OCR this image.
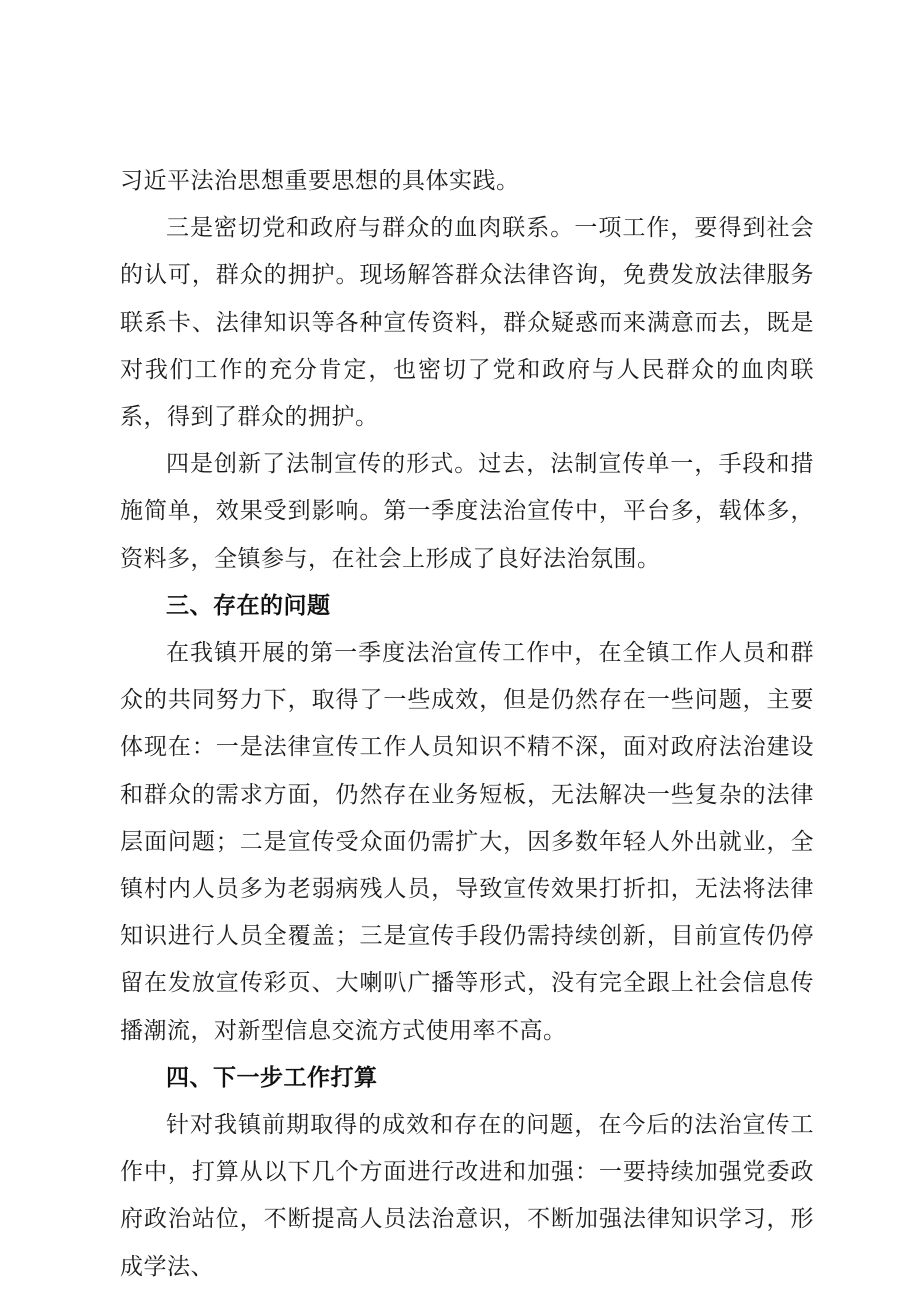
习近平法治思想重要思想的具体实践。

三是密切党和政府与群众的血肉联系。一项工作，要得到社会的认可，群众的拥护。现场解答群众法律咨询，免费发放法律服务联系卡、法律知识等各种宣传资料，群众疑惑而来满意而去，既是对我们工作的充分肯定，也密切了党和政府与人民群众的血肉联系，得到了群众的拥护。

四是创新了法制宣传的形式。过去，法制宣传单一，手段和措施简单，效果受到影响。第一季度法治宣传中，平台多，载体多，资料多，全镇参与，在社会上形成了良好法治氛围。

三、存在的问题

在我镇开展的第一季度法治宣传工作中，在全镇工作人员和群众的共同努力下，取得了一些成效，但是仍然存在一些问题，主要体现在：一是法律宣传工作人员知识不精不深，面对政府法治建设和群众的需求方面，仍然存在业务短板，无法解决一些复杂的法律层面问题；二是宣传受众面仍需扩大，因多数年轻人外出就业，全镇村内人员多为老弱病残人员，导致宣传效果打折扣，无法将法律知识进行人员全覆盖；三是宣传手段仍需持续创新，目前宣传仍停留在发放宣传彩页、大喇叭广播等形式，没有完全跟上社会信息传播潮流，对新型信息交流方式使用率不高。

四、下一步工作打算

针对我镇前期取得的成效和存在的问题，在今后的法治宣传工作中，打算从以下几个方面进行改进和加强：一要持续加强党委政府政治站位，不断提高人员法治意识，不断加强法律知识学习，形成学法、
